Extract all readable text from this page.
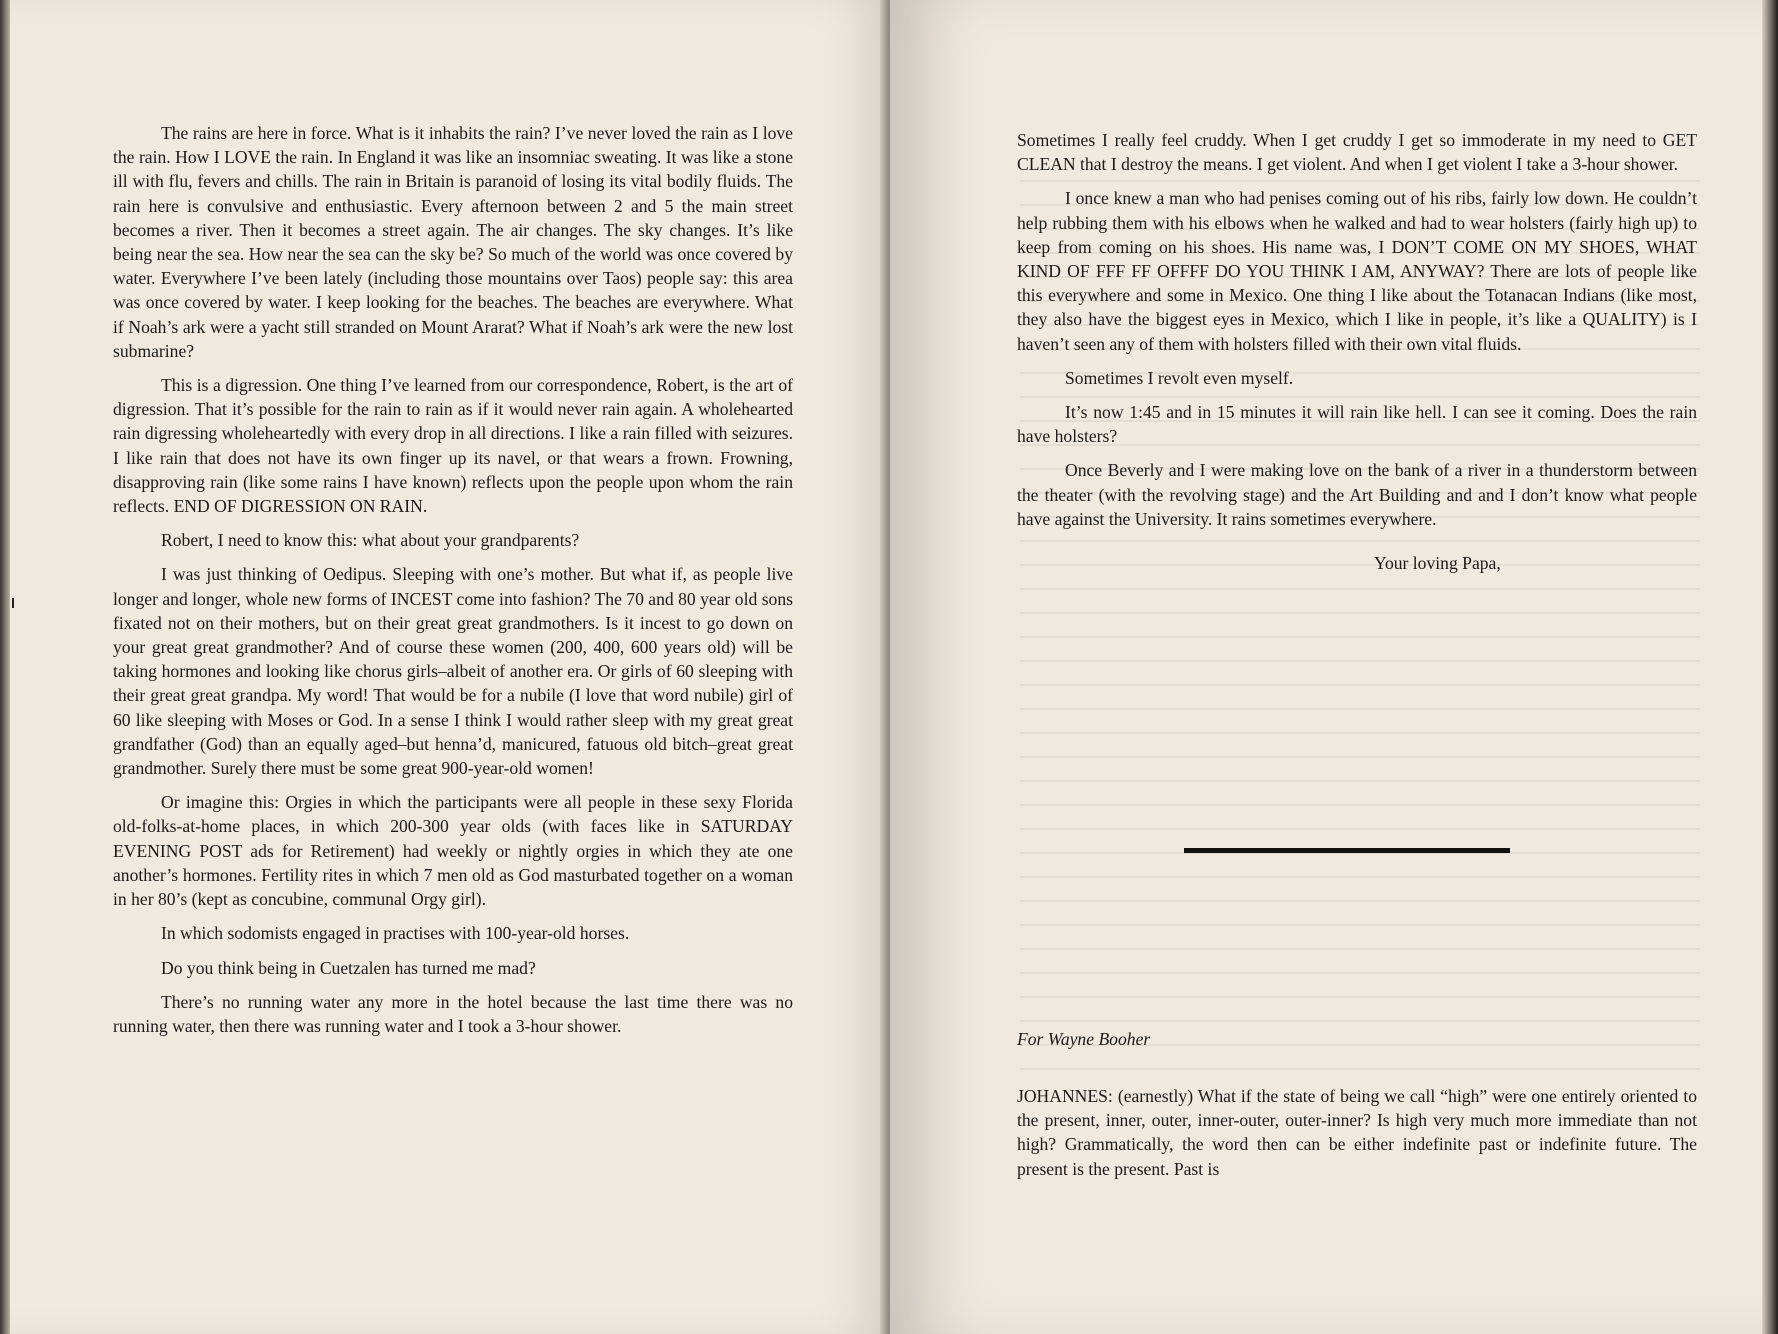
The rains are here in force. What is it inhabits the rain? I’ve never loved the rain as I love the rain. How I LOVE the rain. In England it was like an insomniac sweating. It was like a stone ill with flu, fevers and chills. The rain in Britain is paranoid of losing its vital bodily fluids. The rain here is convulsive and enthusiastic. Every afternoon between 2 and 5 the main street becomes a river. Then it becomes a street again. The air changes. The sky changes. It’s like being near the sea. How near the sea can the sky be? So much of the world was once covered by water. Everywhere I’ve been lately (including those mountains over Taos) people say: this area was once covered by water. I keep looking for the beaches. The beaches are everywhere. What if Noah’s ark were a yacht still stranded on Mount Ararat? What if Noah’s ark were the new lost submarine?

This is a digression. One thing I’ve learned from our correspondence, Robert, is the art of digression. That it’s possible for the rain to rain as if it would never rain again. A wholehearted rain digressing wholeheartedly with every drop in all directions. I like a rain filled with seizures. I like rain that does not have its own finger up its navel, or that wears a frown. Frowning, disapproving rain (like some rains I have known) reflects upon the people upon whom the rain reflects. END OF DIGRESSION ON RAIN.

Robert, I need to know this: what about your grandparents?

I was just thinking of Oedipus. Sleeping with one’s mother. But what if, as people live longer and longer, whole new forms of INCEST come into fashion? The 70 and 80 year old sons fixated not on their mothers, but on their great great grandmothers. Is it incest to go down on your great great grandmother? And of course these women (200, 400, 600 years old) will be taking hormones and looking like chorus girls–albeit of another era. Or girls of 60 sleeping with their great great grandpa. My word! That would be for a nubile (I love that word nubile) girl of 60 like sleeping with Moses or God. In a sense I think I would rather sleep with my great great grandfather (God) than an equally aged–but henna’d, manicured, fatuous old bitch–great great grandmother. Surely there must be some great 900-year-old women!

Or imagine this: Orgies in which the participants were all people in these sexy Florida old-folks-at-home places, in which 200-300 year olds (with faces like in SATURDAY EVENING POST ads for Retirement) had weekly or nightly orgies in which they ate one another’s hormones. Fertility rites in which 7 men old as God masturbated together on a woman in her 80’s (kept as concubine, communal Orgy girl).

In which sodomists engaged in practises with 100-year-old horses.

Do you think being in Cuetzalen has turned me mad?

There’s no running water any more in the hotel because the last time there was no running water, then there was running water and I took a 3-hour shower.

Sometimes I really feel cruddy. When I get cruddy I get so immoderate in my need to GET CLEAN that I destroy the means. I get violent. And when I get violent I take a 3-hour shower.

I once knew a man who had penises coming out of his ribs, fairly low down. He couldn’t help rubbing them with his elbows when he walked and had to wear holsters (fairly high up) to keep from coming on his shoes. His name was, I DON’T COME ON MY SHOES, WHAT KIND OF FFF FF OFFFF DO YOU THINK I AM, ANYWAY? There are lots of people like this everywhere and some in Mexico. One thing I like about the Totanacan Indians (like most, they also have the biggest eyes in Mexico, which I like in people, it’s like a QUALITY) is I haven’t seen any of them with holsters filled with their own vital fluids.

Sometimes I revolt even myself.

It’s now 1:45 and in 15 minutes it will rain like hell. I can see it coming. Does the rain have holsters?

Once Beverly and I were making love on the bank of a river in a thunderstorm between the theater (with the revolving stage) and the Art Building and and I don’t know what people have against the University. It rains sometimes everywhere.

Your loving Papa,

For Wayne Booher

JOHANNES: (earnestly) What if the state of being we call “high” were one entirely oriented to the present, inner, outer, inner-outer, outer-inner? Is high very much more immediate than not high? Grammatically, the word then can be either indefinite past or indefinite future. The present is the present. Past is
